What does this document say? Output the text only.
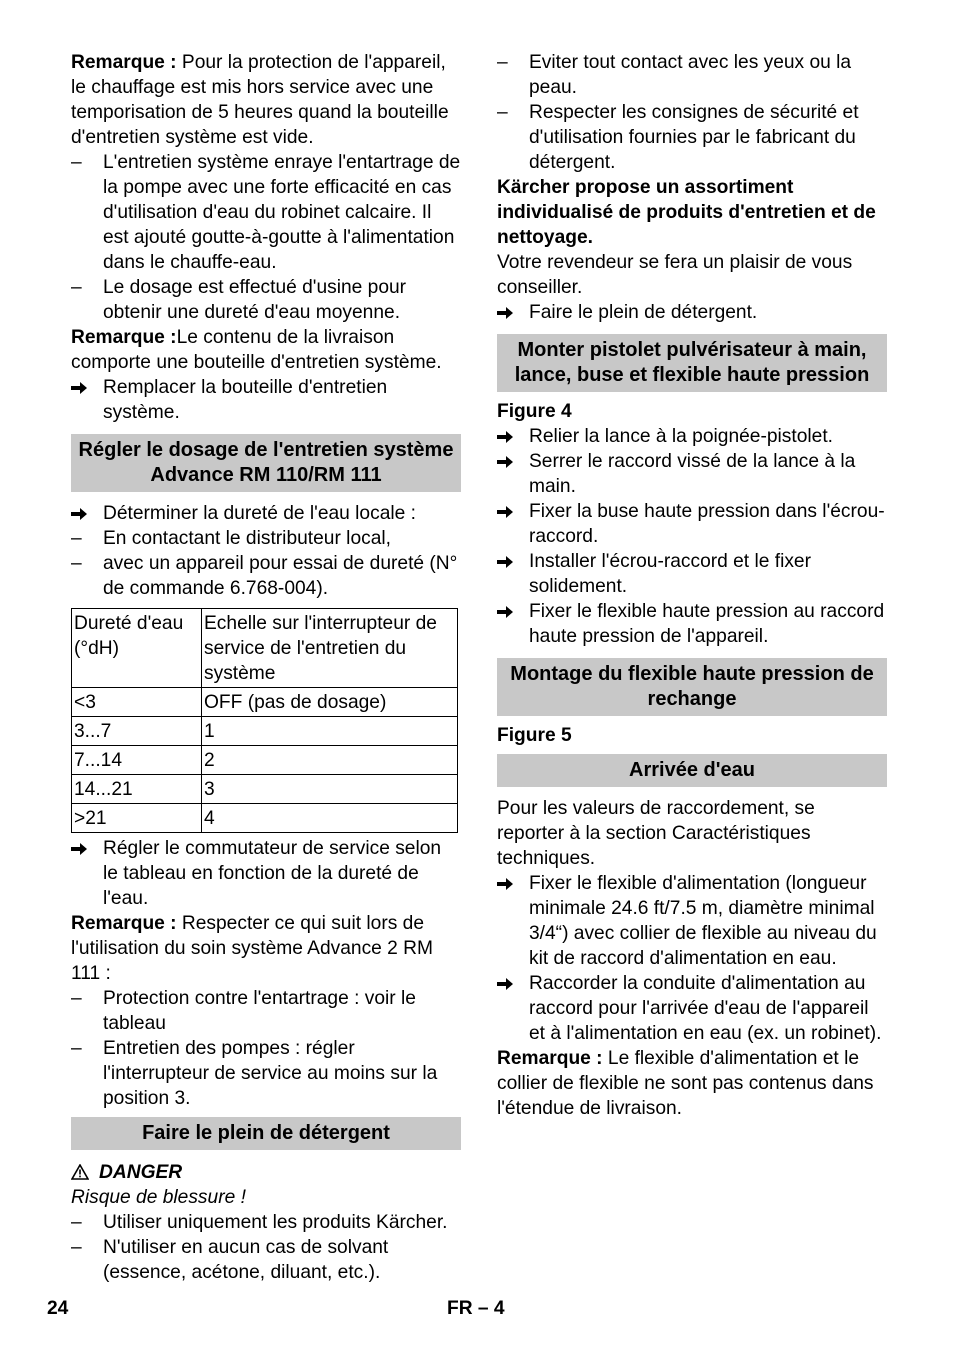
Remarque : Pour la protection de l'appareil, le chauffage est mis hors service avec une temporisation de 5 heures quand la bouteille d'entretien système est vide.

–	L'entretien système enraye l'entartrage de la pompe avec une forte efficacité en cas d'utilisation d'eau du robinet calcaire. Il est ajouté goutte-à-goutte à l'alimentation dans le chauffe-eau.
–	Le dosage est effectué d'usine pour obtenir une dureté d'eau moyenne.

Remarque :Le contenu de la livraison comporte une bouteille d'entretien système.

Remplacer la bouteille d'entretien système.
Régler le dosage de l'entretien système Advance RM 110/RM 111
Déterminer la dureté de l'eau locale :
–	En contactant le distributeur local,
–	avec un appareil pour essai de dureté (N° de commande 6.768-004).
Dureté d'eau (°dH)	Echelle sur l'interrupteur de service de l'entretien du système
<3	OFF (pas de dosage)
3...7	1
7...14	2
14...21	3
>21	4
Régler le commutateur de service selon le tableau en fonction de la dureté de l'eau.

Remarque : Respecter ce qui suit lors de l'utilisation du soin système Advance 2 RM 111 :

–	Protection contre l'entartrage : voir le tableau
–	Entretien des pompes : régler l'interrupteur de service au moins sur la position 3.
Faire le plein de détergent

DANGER

Risque de blessure !

–	Utiliser uniquement les produits Kärcher.
–	N'utiliser en aucun cas de solvant (essence, acétone, diluant, etc.).
–	Eviter tout contact avec les yeux ou la peau.
–	Respecter les consignes de sécurité et d'utilisation fournies par le fabricant du détergent.

Kärcher propose un assortiment individualisé de produits d'entretien et de nettoyage.

Votre revendeur se fera un plaisir de vous conseiller.

Faire le plein de détergent.
Monter pistolet pulvérisateur à main, lance, buse et flexible haute pression

Figure 4

Relier la lance à la poignée-pistolet.
Serrer le raccord vissé de la lance à la main.
Fixer la buse haute pression dans l'écrou-raccord.
Installer l'écrou-raccord et le fixer solidement.
Fixer le flexible haute pression au raccord haute pression de l'appareil.
Montage du flexible haute pression de rechange

Figure 5

Arrivée d'eau

Pour les valeurs de raccordement, se reporter à la section Caractéristiques techniques.

Fixer le flexible d'alimentation (longueur minimale 24.6 ft/7.5 m, diamètre minimal 3/4“) avec collier de flexible au niveau du kit de raccord d'alimentation en eau.
Raccorder la conduite d'alimentation au raccord pour l'arrivée d'eau de l'appareil et à l'alimentation en eau (ex. un robinet).

Remarque : Le flexible d'alimentation et le collier de flexible ne sont pas contenus dans l'étendue de livraison.

24	FR – 4
